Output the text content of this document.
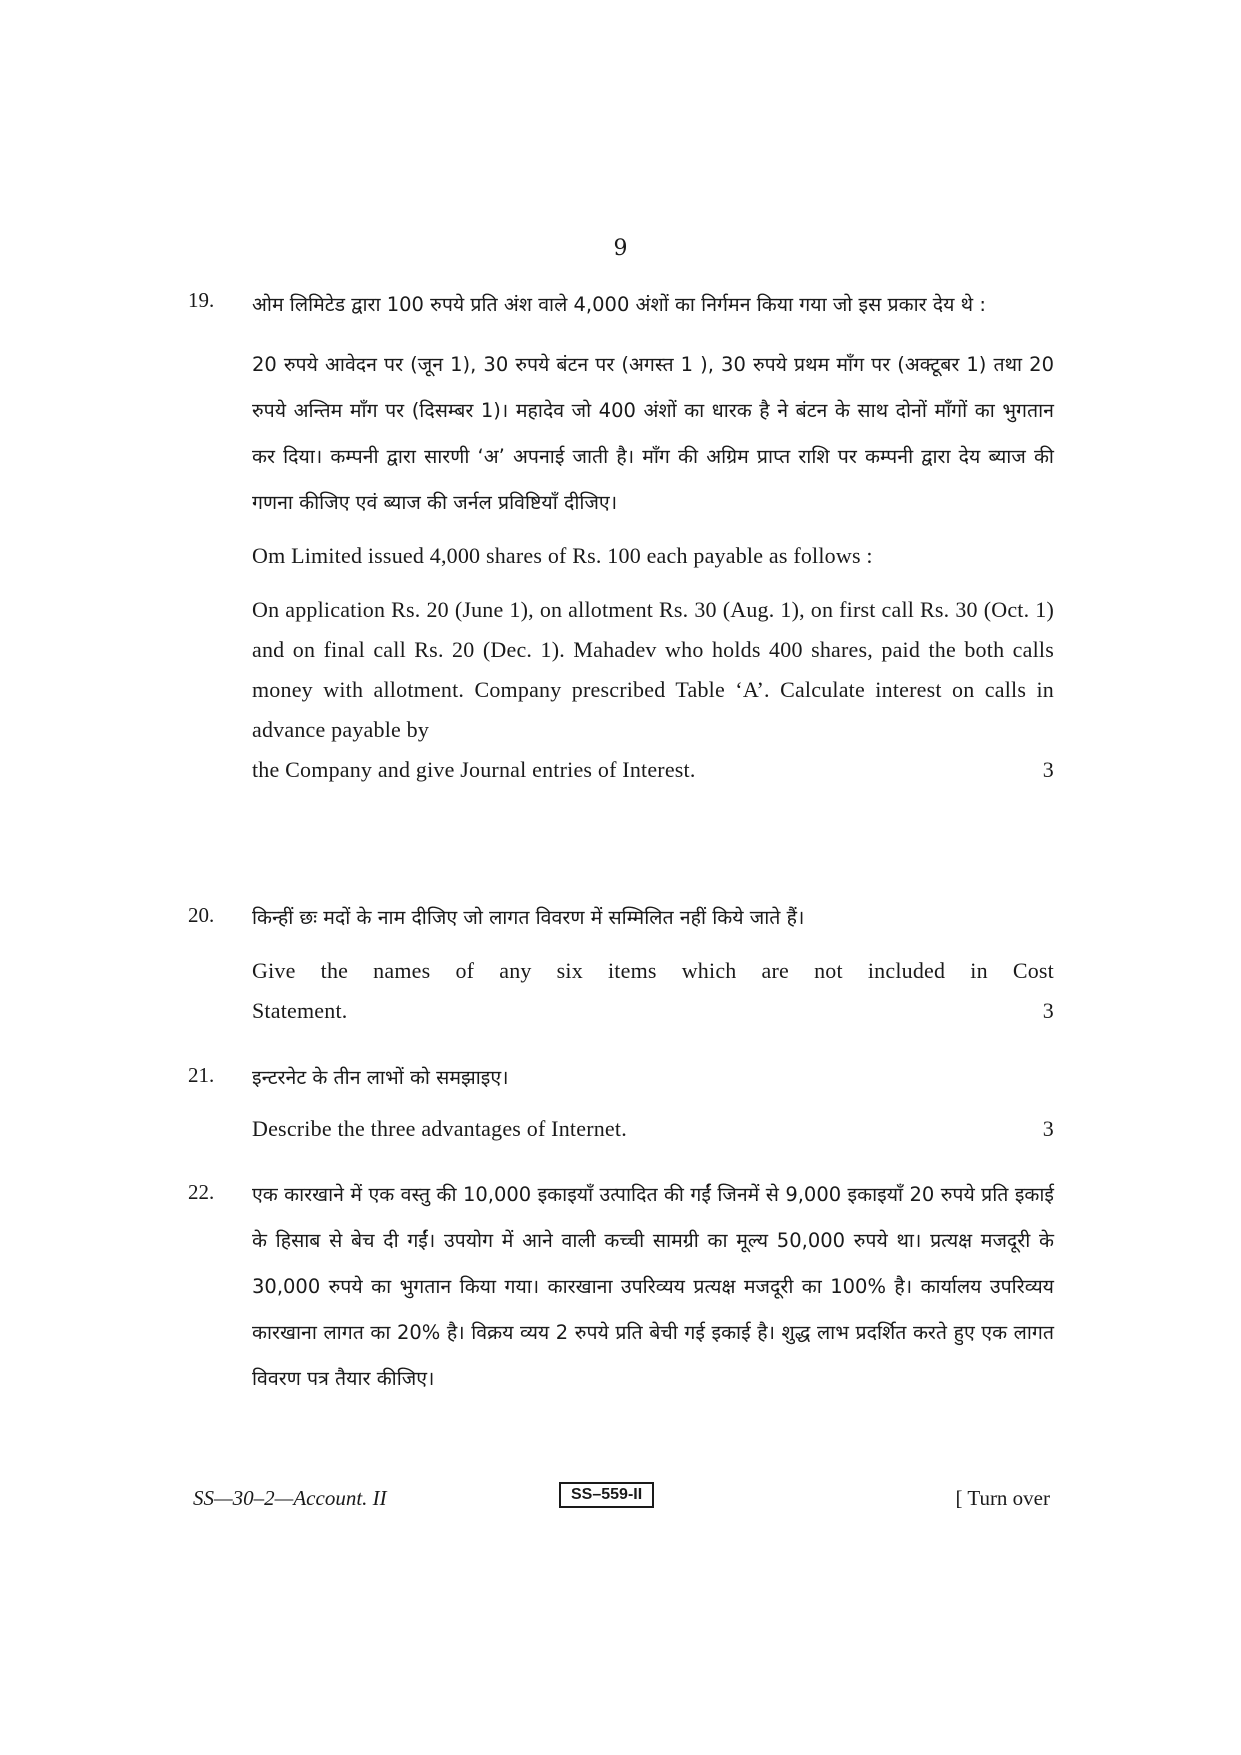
9
19. ओम लिमिटेड द्वारा 100 रुपये प्रति अंश वाले 4,000 अंशों का निर्गमन किया गया जो इस प्रकार देय थे :

20 रुपये आवेदन पर (जून 1), 30 रुपये बंटन पर (अगस्त 1 ), 30 रुपये प्रथम माँग पर (अक्टूबर 1) तथा 20 रुपये अन्तिम माँग पर (दिसम्बर 1)। महादेव जो 400 अंशों का धारक है ने बंटन के साथ दोनों माँगों का भुगतान कर दिया। कम्पनी द्वारा सारणी ‘अ’ अपनाई जाती है। माँग की अग्रिम प्राप्त राशि पर कम्पनी द्वारा देय ब्याज की गणना कीजिए एवं ब्याज की जर्नल प्रविष्टियाँ दीजिए।

Om Limited issued 4,000 shares of Rs. 100 each payable as follows :

On application Rs. 20 (June 1), on allotment Rs. 30 (Aug. 1), on first call Rs. 30 (Oct. 1) and on final call Rs. 20 (Dec. 1). Mahadev who holds 400 shares, paid the both calls money with allotment. Company prescribed Table ‘A’. Calculate interest on calls in advance payable by

the Company and give Journal entries of Interest.	3
20. किन्हीं छः मदों के नाम दीजिए जो लागत विवरण में सम्मिलित नहीं किये जाते हैं।

Give the names of any six items which are not included in Cost

Statement.	3
21. इन्टरनेट के तीन लाभों को समझाइए।

Describe the three advantages of Internet.	3
22. एक कारखाने में एक वस्तु की 10,000 इकाइयाँ उत्पादित की गईं जिनमें से 9,000 इकाइयाँ 20 रुपये प्रति इकाई के हिसाब से बेच दी गईं। उपयोग में आने वाली कच्ची सामग्री का मूल्य 50,000 रुपये था। प्रत्यक्ष मजदूरी के 30,000 रुपये का भुगतान किया गया। कारखाना उपरिव्यय प्रत्यक्ष मजदूरी का 100% है। कार्यालय उपरिव्यय कारखाना लागत का 20% है। विक्रय व्यय 2 रुपये प्रति बेची गई इकाई है। शुद्ध लाभ प्रदर्शित करते हुए एक लागत विवरण पत्र तैयार कीजिए।

SS—30–2—Account. II	SS–559-II	[ Turn over
